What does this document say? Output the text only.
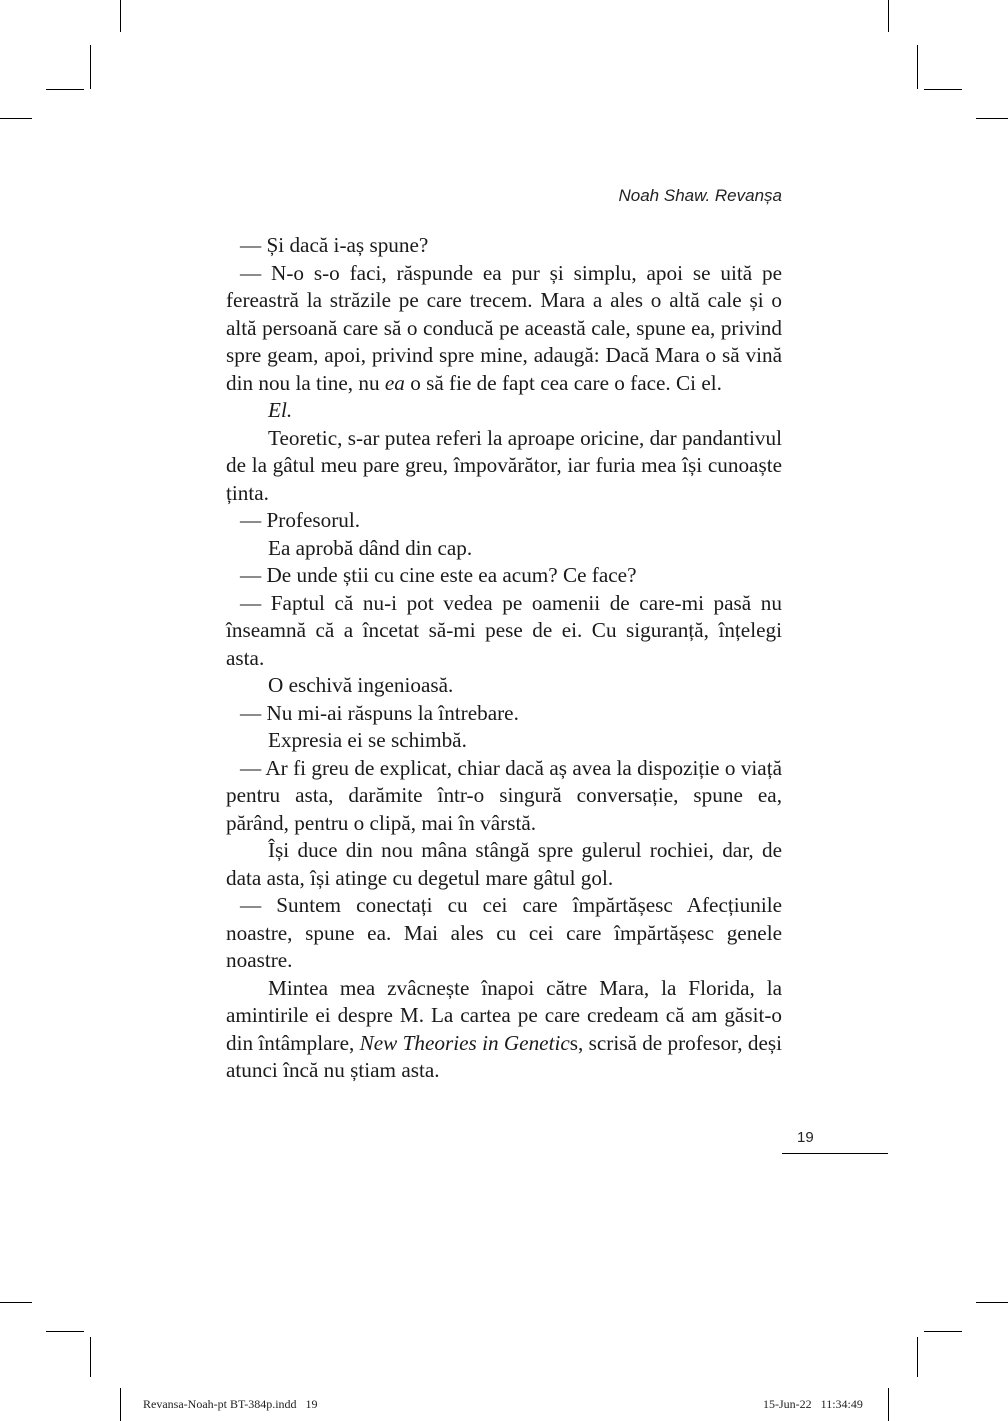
Noah Shaw. Revanșa

— Și dacă i-aș spune?

— N-o s-o faci, răspunde ea pur și simplu, apoi se uită pe fereastră la străzile pe care trecem. Mara a ales o altă cale și o altă persoană care să o conducă pe această cale, spune ea, privind spre geam, apoi, privind spre mine, adaugă: Dacă Mara o să vină din nou la tine, nu ea o să fie de fapt cea care o face. Ci el.

El.

Teoretic, s-ar putea referi la aproape oricine, dar pandantivul de la gâtul meu pare greu, împovărător, iar furia mea își cunoaște ținta.

— Profesorul.

Ea aprobă dând din cap.

— De unde știi cu cine este ea acum? Ce face?

— Faptul că nu-i pot vedea pe oamenii de care-mi pasă nu înseamnă că a încetat să-mi pese de ei. Cu siguranță, înțelegi asta.

O eschivă ingenioasă.

— Nu mi-ai răspuns la întrebare.

Expresia ei se schimbă.

— Ar fi greu de explicat, chiar dacă aș avea la dispoziție o viață pentru asta, darămite într-o singură conversație, spune ea, părând, pentru o clipă, mai în vârstă.

Își duce din nou mâna stângă spre gulerul rochiei, dar, de data asta, își atinge cu degetul mare gâtul gol.

— Suntem conectați cu cei care împărtășesc Afecțiunile noastre, spune ea. Mai ales cu cei care împărtășesc genele noastre.

Mintea mea zvâcnește înapoi către Mara, la Florida, la amintirile ei despre M. La cartea pe care credeam că am găsit-o din întâmplare, New Theories in Genetics, scrisă de profesor, deși atunci încă nu știam asta.

19
Revansa-Noah-pt BT-384p.indd   19	15-Jun-22   11:34:49
